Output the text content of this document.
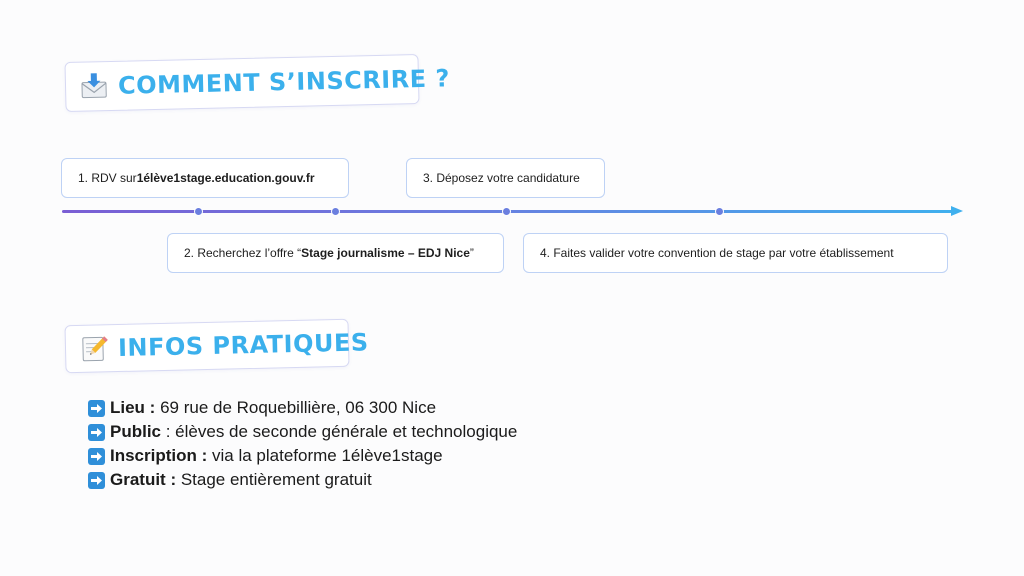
COMMENT S’INSCRIRE ?
1. RDV sur 1élève1stage.education.gouv.fr
2. Recherchez l’offre “ Stage journalisme – EDJ Nice ”
3. Déposez votre candidature
4. Faites valider votre convention de stage par votre établissement
INFOS PRATIQUES
Lieu : 69 rue de Roquebillière, 06 300 Nice
Public : élèves de seconde générale et technologique
Inscription : via la plateforme 1élève1stage
Gratuit : Stage entièrement gratuit
